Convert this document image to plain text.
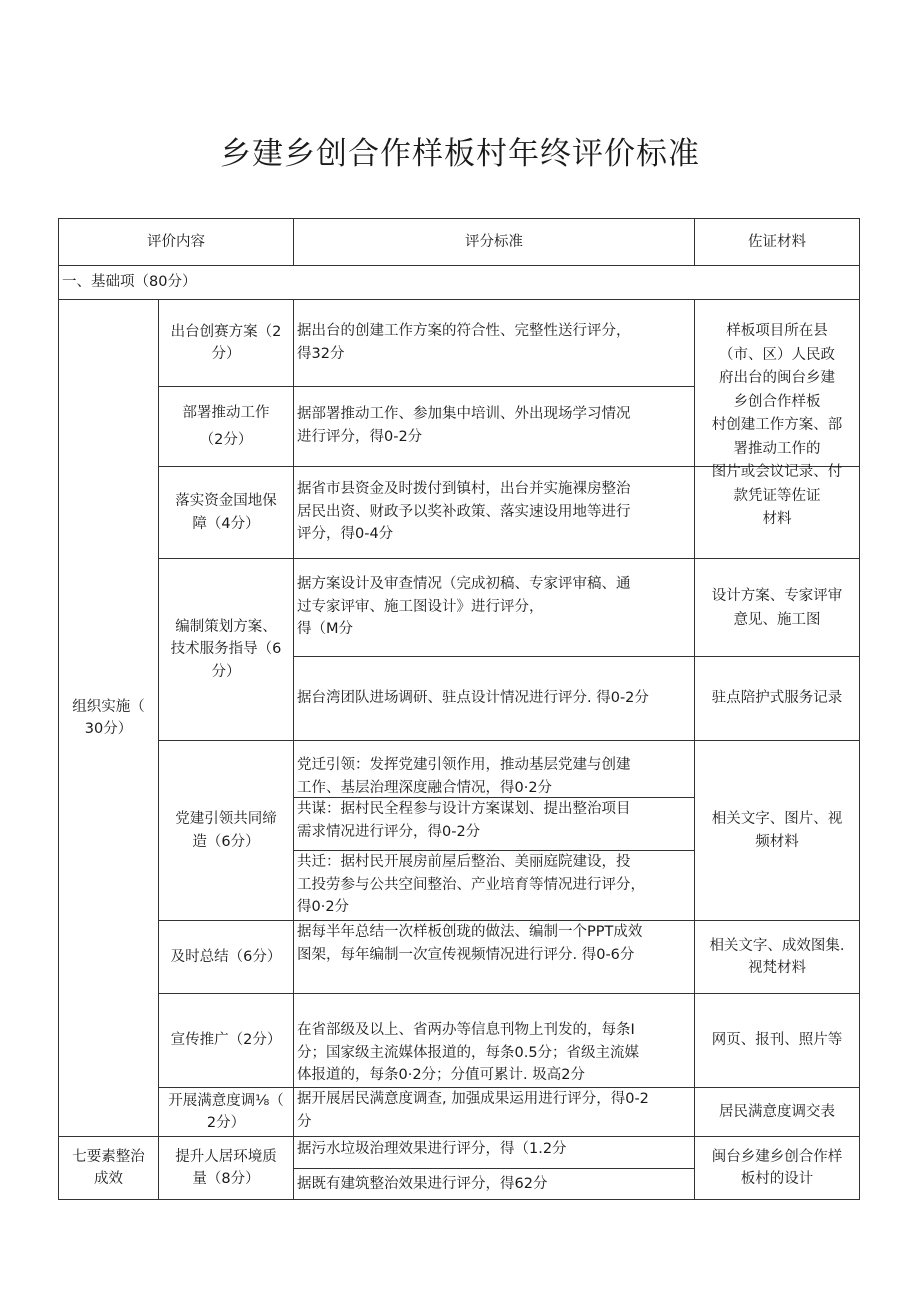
乡建乡创合作样板村年终评价标准
评价内容	评分标准	佐证材料
一、基础项（80分）
组织实施（
30分）
七要素整治
成效
出台创赛方案（2
分）
部署推动工作
（2分）
落实资金国地保
障（4分）
编制策划方案、
技术服务指导（6
分）
党建引领共同缔
造（6分）
及时总结（6分）
宣传推广（2分）
开展满意度调⅛（
2分）
提升人居环境质
量（8分）
据出台的创建工作方案的符合性、完整性送行评分，
得32分
据部署推动工作、参加集中培训、外出现场学习情况
进行评分，得0-2分
据省市县资金及时拨付到镇村，出台并实施裸房整治
居民出资、财政予以奖补政策、落实速设用地等进行
评分，得0-4分
据方案设计及审查情况（完成初稿、专家评审稿、通
过专家评审、施工图设计》进行评分，
得（M分
据台湾团队进场调研、驻点设计情况进行评分. 得0-2分
党迁引领：发挥党建引领作用，推动基层党建与创建
工作、基层治理深度融合情况，得0·2分
共谋：据村民全程参与设计方案谋划、提出整治项目
需求情况进行评分，得0-2分
共迁：据村民开展房前屋后整治、美丽庭院建设，投
工投劳参与公共空间整治、产业培育等情况进行评分，
得0·2分
据每半年总结一次样板创珑的做法、编制一个PPT成效
图架，每年编制一次宣传视频情况进行评分. 得0-6分
在省部级及以上、省两办等信息刊物上刊发的，每条I
分；国家级主流媒体报道的，每条0.5分；省级主流媒
体报道的，每条0·2分；分值可累计. 圾高2分
据开展居民满意度调查, 加强成果运用进行评分，得0-2
分
据污水垃圾治理效果进行评分，得（1.2分
据既有建筑整治效果进行评分，得62分
样板项目所在县
（市、区）人民政
府出台的闽台乡建
乡创合作样板
村创建工作方案、部
署推动工作的
图片或会议记录、付
款凭证等佐证
材料
设计方案、专家评审
意见、施工图
驻点陪护式服务记录
相关文字、图片、视
频材料
相关文字、成效图集.
视梵材料
网页、报刊、照片等
居民满意度调交表
闽台乡建乡创合作样
板村的设计
